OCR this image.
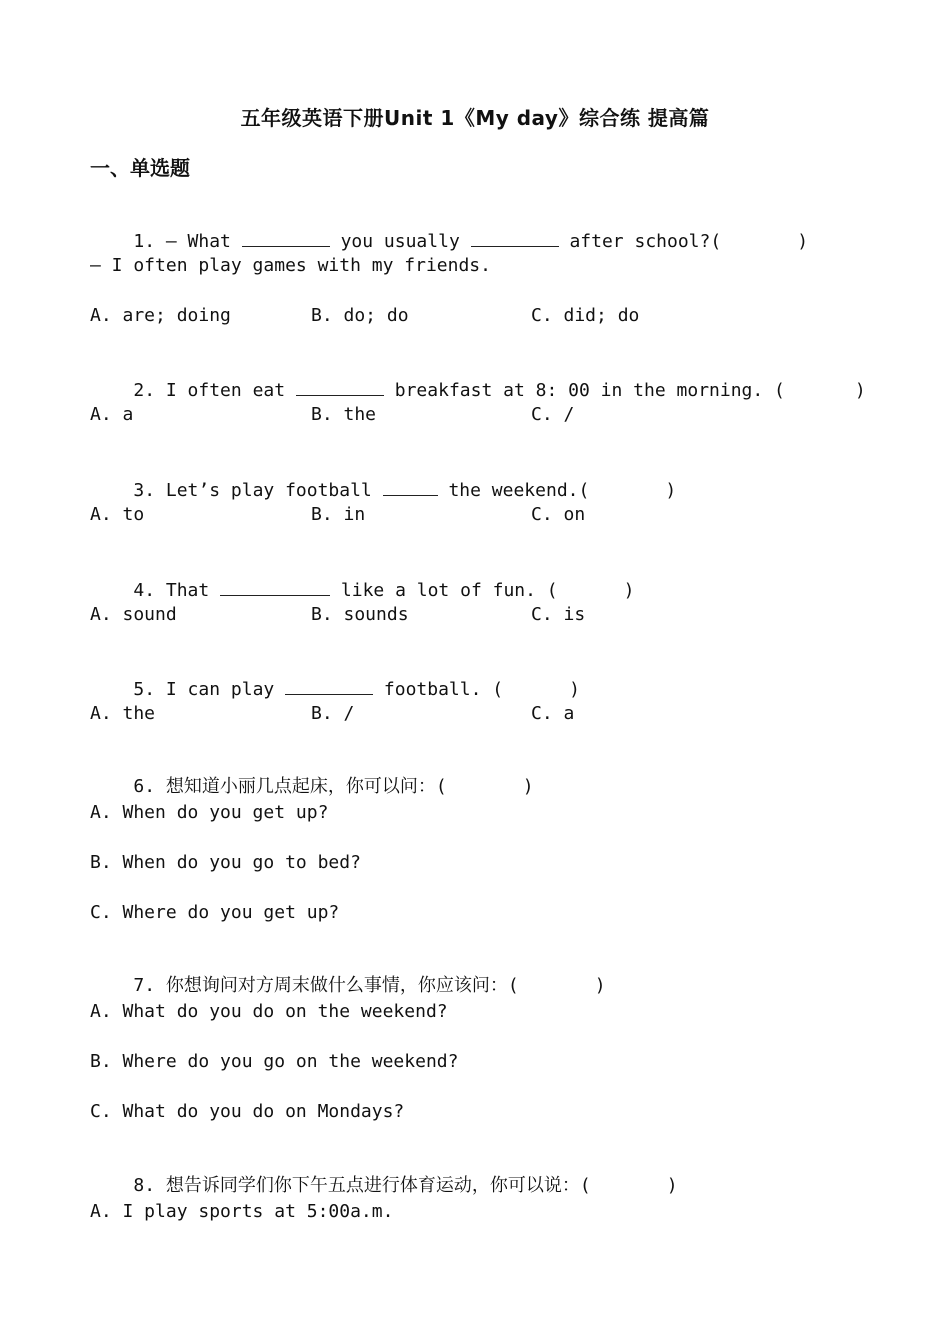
五年级英语下册Unit 1《My day》综合练 提高篇
一、单选题

1. — What	you usually	after school?(	)

— I often play games with my friends.

A. are; doing

	B. do; do

	C. did; do

2. I often eat	breakfast at 8: 00 in the morning. (	)

A. a

	B. the

	C. /

3. Let’s play football	the weekend.(	)

A. to

	B. in

	C. on

4. That	like a lot of fun. (	)

A. sound

	B. sounds

	C. is

5. I can play	football. (	)

A. the

	B. /

	C. a

6. 想知道小丽几点起床，你可以问：(	)

A. When do you get up?
B. When do you go to bed?
C. Where do you get up?

7. 你想询问对方周末做什么事情，你应该问：(	)

A. What do you do on the weekend?
B. Where do you go on the weekend?
C. What do you do on Mondays?

8. 想告诉同学们你下午五点进行体育运动，你可以说：(	)

A. I play sports at 5:00a.m.
